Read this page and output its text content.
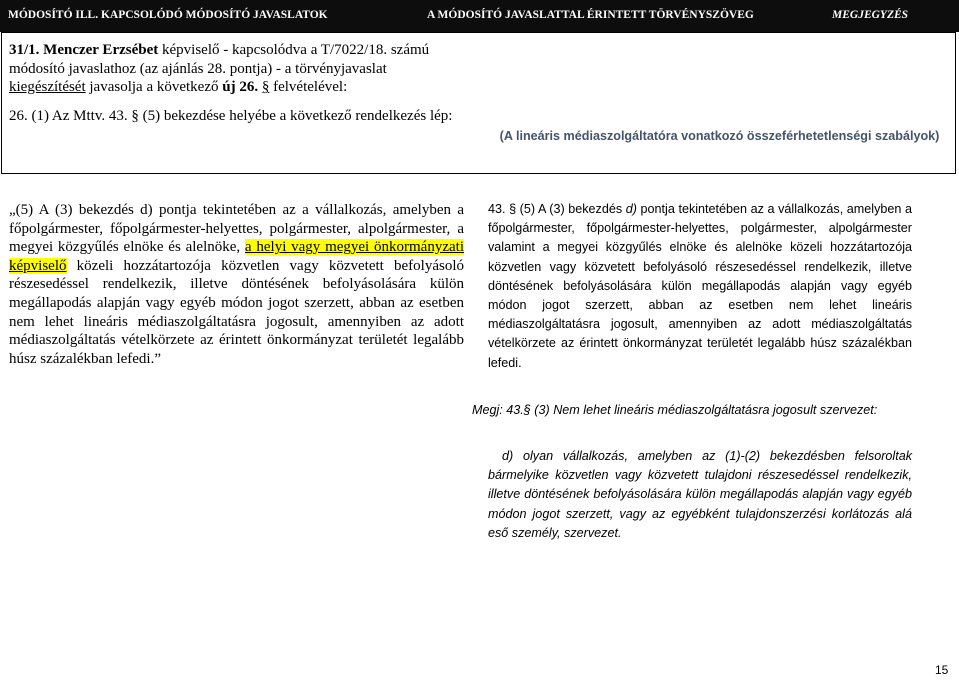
MÓDOSÍTÓ ILL. KAPCSOLÓDÓ MÓDOSÍTÓ JAVASLATOK	A MÓDOSÍTÓ JAVASLATTAL ÉRINTETT TÖRVÉNYSZÖVEG	MEGJEGYZÉS

31/1. Menczer Erzsébet képviselő - kapcsolódva a T/7022/18. számú módosító javaslathoz (az ajánlás 28. pontja) - a törvényjavaslat kiegészítését javasolja a következő új 26. § felvételével:

26. (1) Az Mttv. 43. § (5) bekezdése helyébe a következő rendelkezés lép:

(A lineáris médiaszolgáltatóra vonatkozó összeférhetetlenségi szabályok)
„(5) A (3) bekezdés d) pontja tekintetében az a vállalkozás, amelyben a főpolgármester, főpolgármester-helyettes, polgármester, alpolgármester, a megyei közgyűlés elnöke és alelnöke, a helyi vagy megyei önkormányzati képviselő közeli hozzátartozója közvetlen vagy közvetett befolyásoló részesedéssel rendelkezik, illetve döntésének befolyásolására külön megállapodás alapján vagy egyéb módon jogot szerzett, abban az esetben nem lehet lineáris médiaszolgáltatásra jogosult, amennyiben az adott médiaszolgáltatás vételkörzete az érintett önkormányzat területét legalább húsz százalékban lefedi.”
43. § (5) A (3) bekezdés d) pontja tekintetében az a vállalkozás, amelyben a főpolgármester, főpolgármester-helyettes, polgármester, alpolgármester valamint a megyei közgyűlés elnöke és alelnöke közeli hozzátartozója közvetlen vagy közvetett befolyásoló részesedéssel rendelkezik, illetve döntésének befolyásolására külön megállapodás alapján vagy egyéb módon jogot szerzett, abban az esetben nem lehet lineáris médiaszolgáltatásra jogosult, amennyiben az adott médiaszolgáltatás vételkörzete az érintett önkormányzat területét legalább húsz százalékban lefedi.
Megj: 43.§ (3) Nem lehet lineáris médiaszolgáltatásra jogosult szervezet:
d) olyan vállalkozás, amelyben az (1)-(2) bekezdésben felsoroltak bármelyike közvetlen vagy közvetett tulajdoni részesedéssel rendelkezik, illetve döntésének befolyásolására külön megállapodás alapján vagy egyéb módon jogot szerzett, vagy az egyébként tulajdonszerzési korlátozás alá eső személy, szervezet.
15
